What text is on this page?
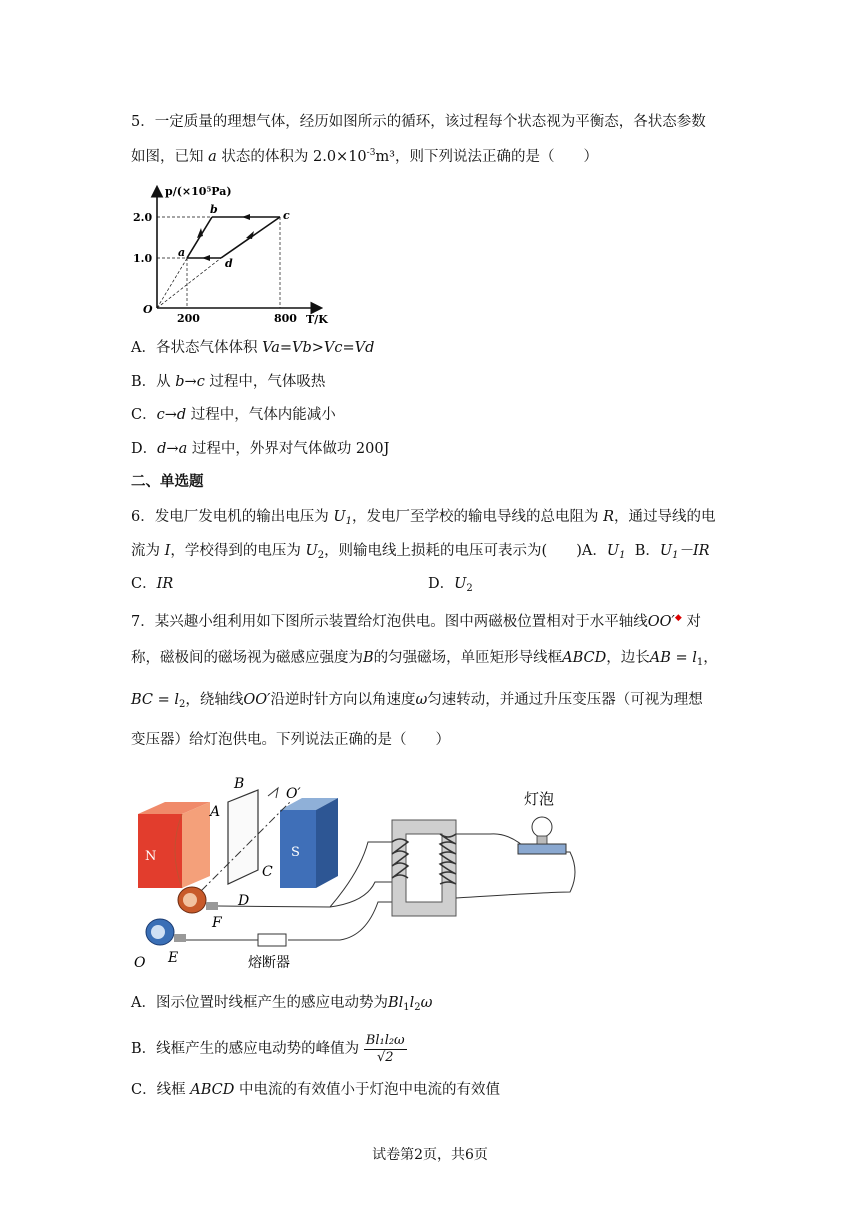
5．一定质量的理想气体，经历如图所示的循环，该过程每个状态视为平衡态，各状态参数
如图，已知 a 状态的体积为 $2.0\times 10^{-3}m^3$，则下列说法正确的是（　　）
p/(×10⁵Pa)
T/K
2.0
1.0
200	800
O
a
b	c
d
A．各状态气体体积 Va=Vb>Vc=Vd
B．从 b→c 过程中，气体吸热
C．c→d 过程中，气体内能减小
D．d→a 过程中，外界对气体做功 200J
二、单选题
6．发电厂发电机的输出电压为 $U_1$，发电厂至学校的输电导线的总电阻为 R，通过导线的电
流为 I，学校得到的电压为 $U_2$，则输电线上损耗的电压可表示为(　　)A．$U_1$ B．$U_1-IR$
C．IR	D．$U_2$
7．某兴趣小组利用如下图所示装置给灯泡供电。图中两磁极位置相对于水平轴线OO′◆ 对
称，磁极间的磁场视为磁感应强度为B的匀强磁场，单匝矩形导线框ABCD，边长AB = $l_1$，
BC = $l_2$，绕轴线OO′沿逆时针方向以角速度ω匀速转动，并通过升压变压器（可视为理想
变压器）给灯泡供电。下列说法正确的是（　　）
N	S
B
A
O′
C
D
F
E
O	熔断器
灯泡
A．图示位置时线框产生的感应电动势为$Bl_1l_2\omega$
B．线框产生的感应电动势的峰值为 $\frac{\text{Bl₁l₂ω}}{√2}$
C．线框 ABCD 中电流的有效值小于灯泡中电流的有效值
试卷第2页，共6页
